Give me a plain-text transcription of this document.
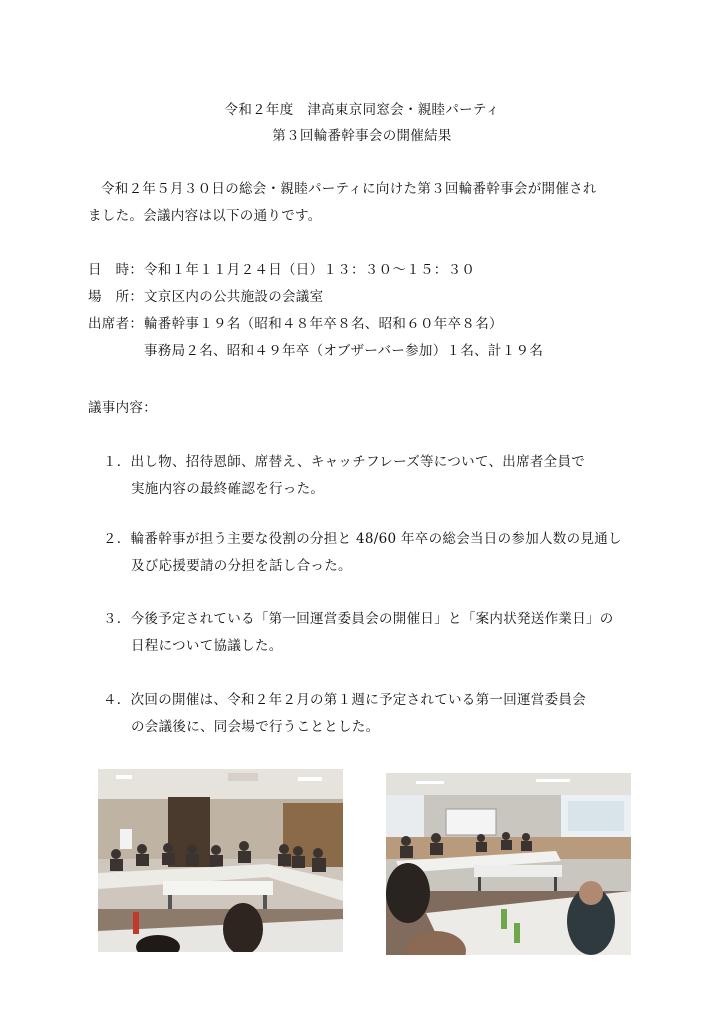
令和２年度　津高東京同窓会・親睦パーティ
第３回輪番幹事会の開催結果
令和２年５月３０日の総会・親睦パーティに向けた第３回輪番幹事会が開催され
ました。会議内容は以下の通りです。
日　時：令和１年１１月２４日（日）１３：３０～１５：３０
場　所：文京区内の公共施設の会議室
出席者：輪番幹事１９名（昭和４８年卒８名、昭和６０年卒８名）
事務局２名、昭和４９年卒（オブザーバー参加）１名、計１９名
議事内容：
１．出し物、招待恩師、席替え、キャッチフレーズ等について、出席者全員で
実施内容の最終確認を行った。
２．輪番幹事が担う主要な役割の分担と 48/60 年卒の総会当日の参加人数の見通し
及び応援要請の分担を話し合った。
３．今後予定されている「第一回運営委員会の開催日」と「案内状発送作業日」の
日程について協議した。
４．次回の開催は、令和２年２月の第１週に予定されている第一回運営委員会
の会議後に、同会場で行うこととした。
